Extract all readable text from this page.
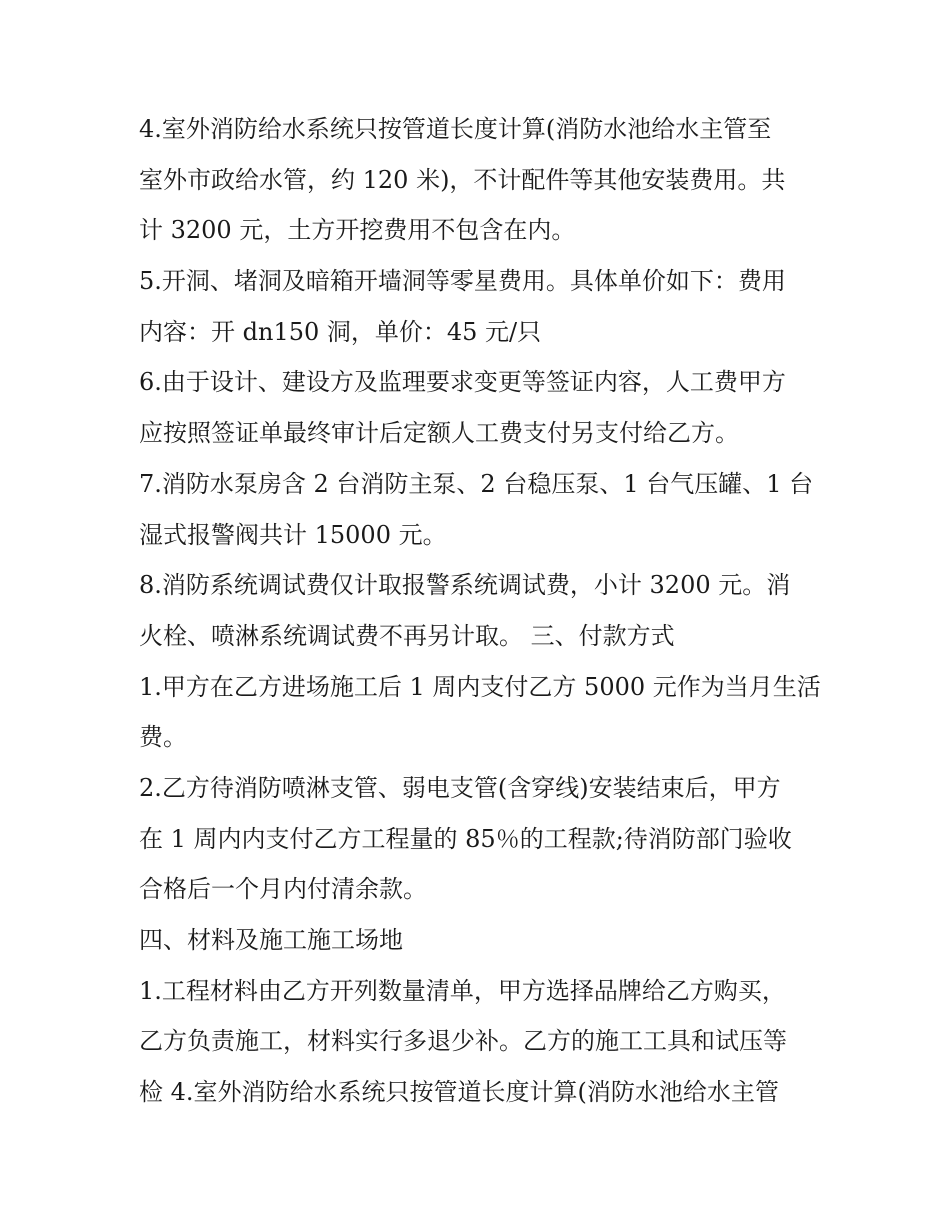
4.室外消防给水系统只按管道长度计算(消防水池给水主管至
室外市政给水管，约 120 米)，不计配件等其他安装费用。共
计 3200 元，土方开挖费用不包含在内。
5.开洞、堵洞及暗箱开墙洞等零星费用。具体单价如下：费用
内容：开 dn150 洞，单价：45 元/只
6.由于设计、建设方及监理要求变更等签证内容，人工费甲方
应按照签证单最终审计后定额人工费支付另支付给乙方。
7.消防水泵房含 2 台消防主泵、2 台稳压泵、1 台气压罐、1 台
湿式报警阀共计 15000 元。
8.消防系统调试费仅计取报警系统调试费，小计 3200 元。消
火栓、喷淋系统调试费不再另计取。 三、付款方式
1.甲方在乙方进场施工后 1 周内支付乙方 5000 元作为当月生活
费。
2.乙方待消防喷淋支管、弱电支管(含穿线)安装结束后，甲方
在 1 周内内支付乙方工程量的 85％的工程款;待消防部门验收
合格后一个月内付清余款。
四、材料及施工施工场地
1.工程材料由乙方开列数量清单，甲方选择品牌给乙方购买，
乙方负责施工，材料实行多退少补。乙方的施工工具和试压等
检 4.室外消防给水系统只按管道长度计算(消防水池给水主管
